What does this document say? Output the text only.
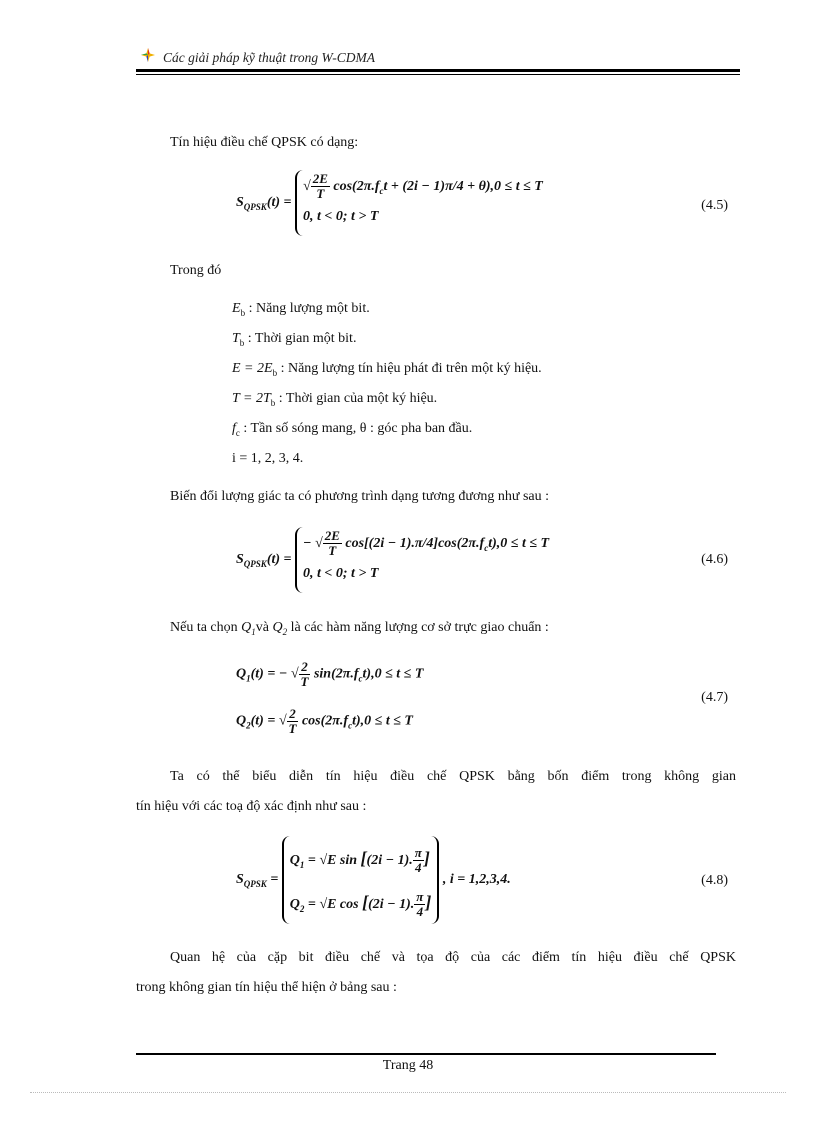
Các giải pháp kỹ thuật trong W-CDMA
Tín hiệu điều chế QPSK có dạng:
$S_{QPSK}(t)$ =
√ $\frac{2E}{T} \cos(2\pi.f_ct + (2i - 1)\pi/4 + \theta),0 \le t \le T$
0, t < 0; t > T
(4.5)
Trong đó
$E_b$ : Năng lượng một bit.
$T_b$ : Thời gian một bit.
$E = 2E_b$ : Năng lượng tín hiệu phát đi trên một ký hiệu.
$T = 2T_b$ : Thời gian của một ký hiệu.
$f_c$ : Tần số sóng mang, θ : góc pha ban đầu.
i = 1, 2, 3, 4.
Biến đổi lượng giác ta có phương trình dạng tương đương như sau :
$S_{QPSK}(t)$ =
− √ $\frac{2E}{T} \cos[(2i - 1).\pi/4]\cos(2\pi.f_ct),0 \le t \le T$
0, t < 0; t > T
(4.6)
Nếu ta chọn $Q_1và$ $Q_2$ là các hàm năng lượng cơ sở trực giao chuẩn :
$Q_1(t)$ = − √ $\frac{2}{T} \sin(2\pi.f_ct),0 \le t \le T$
$Q_2(t)$ = √ $\frac{2}{T} \cos(2\pi.f_ct),0 \le t \le T$
(4.7)
Ta có thể biểu diễn tín hiệu điều chế QPSK bằng bốn điểm trong không gian
tín hiệu với các toạ độ xác định như sau :
$S_{QPSK}$ =
$Q_1 = √E$ sin [(2i − 1). $\frac{\pi}{4}$ ]
$Q_2 = √E$ cos [(2i − 1). $\frac{\pi}{4}$ ]
, i = 1,2,3,4.	(4.8)
Quan hệ của cặp bit điều chế và tọa độ của các điểm tín hiệu điều chế QPSK
trong không gian tín hiệu thể hiện ở bảng sau :
Trang 48
